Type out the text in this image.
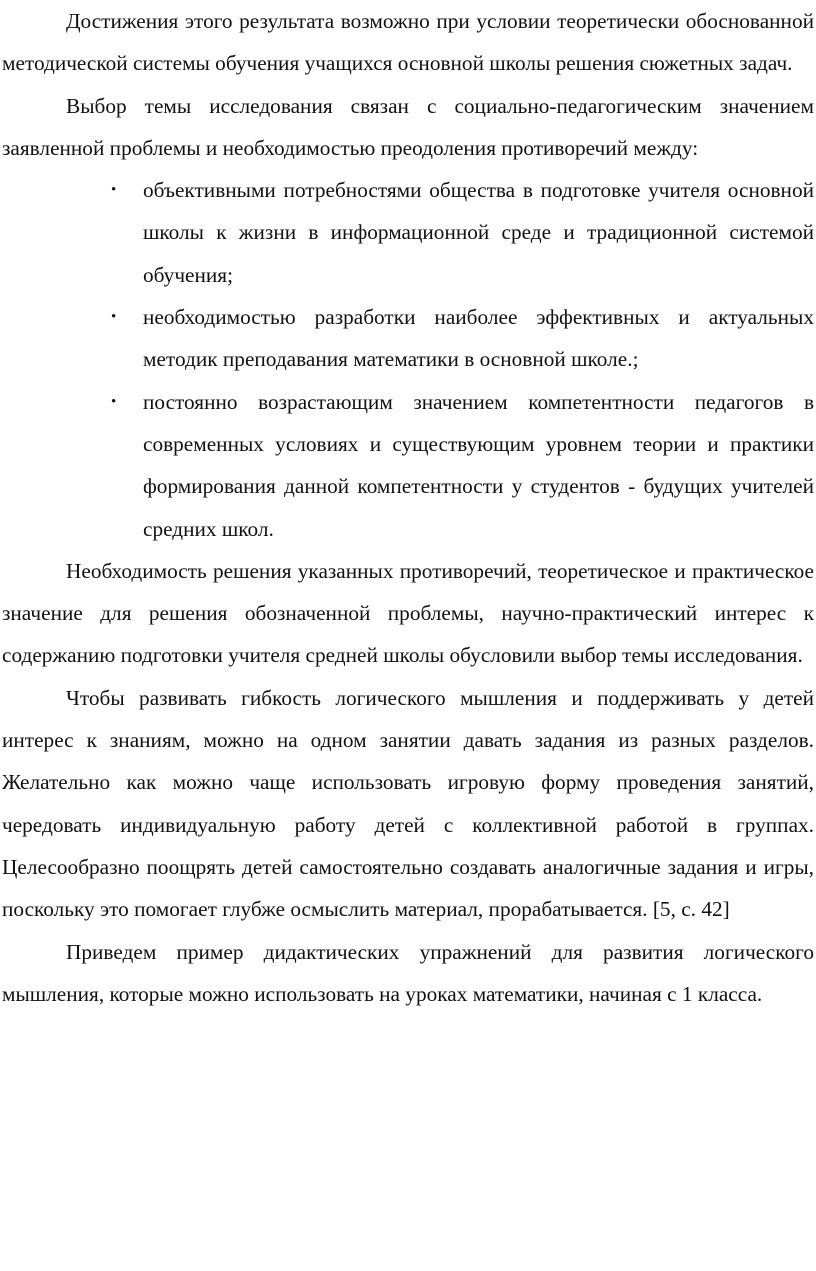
Достижения этого результата возможно при условии теоретически обоснованной методической системы обучения учащихся основной школы решения сюжетных задач.

Выбор темы исследования связан с социально-педагогическим значением заявленной проблемы и необходимостью преодоления противоречий между:

• объективными потребностями общества в подготовке учителя основной школы к жизни в информационной среде и традиционной системой обучения;
• необходимостью разработки наиболее эффективных и актуальных методик преподавания математики в основной школе.;
• постоянно возрастающим значением компетентности педагогов в современных условиях и существующим уровнем теории и практики формирования данной компетентности у студентов - будущих учителей средних школ.

Необходимость решения указанных противоречий, теоретическое и практическое значение для решения обозначенной проблемы, научно-практический интерес к содержанию подготовки учителя средней школы обусловили выбор темы исследования.

Чтобы развивать гибкость логического мышления и поддерживать у детей интерес к знаниям, можно на одном занятии давать задания из разных разделов. Желательно как можно чаще использовать игровую форму проведения занятий, чередовать индивидуальную работу детей с коллективной работой в группах. Целесообразно поощрять детей самостоятельно создавать аналогичные задания и игры, поскольку это помогает глубже осмыслить материал, прорабатывается. [5, с. 42]

Приведем пример дидактических упражнений для развития логического мышления, которые можно использовать на уроках математики, начиная с 1 класса.
